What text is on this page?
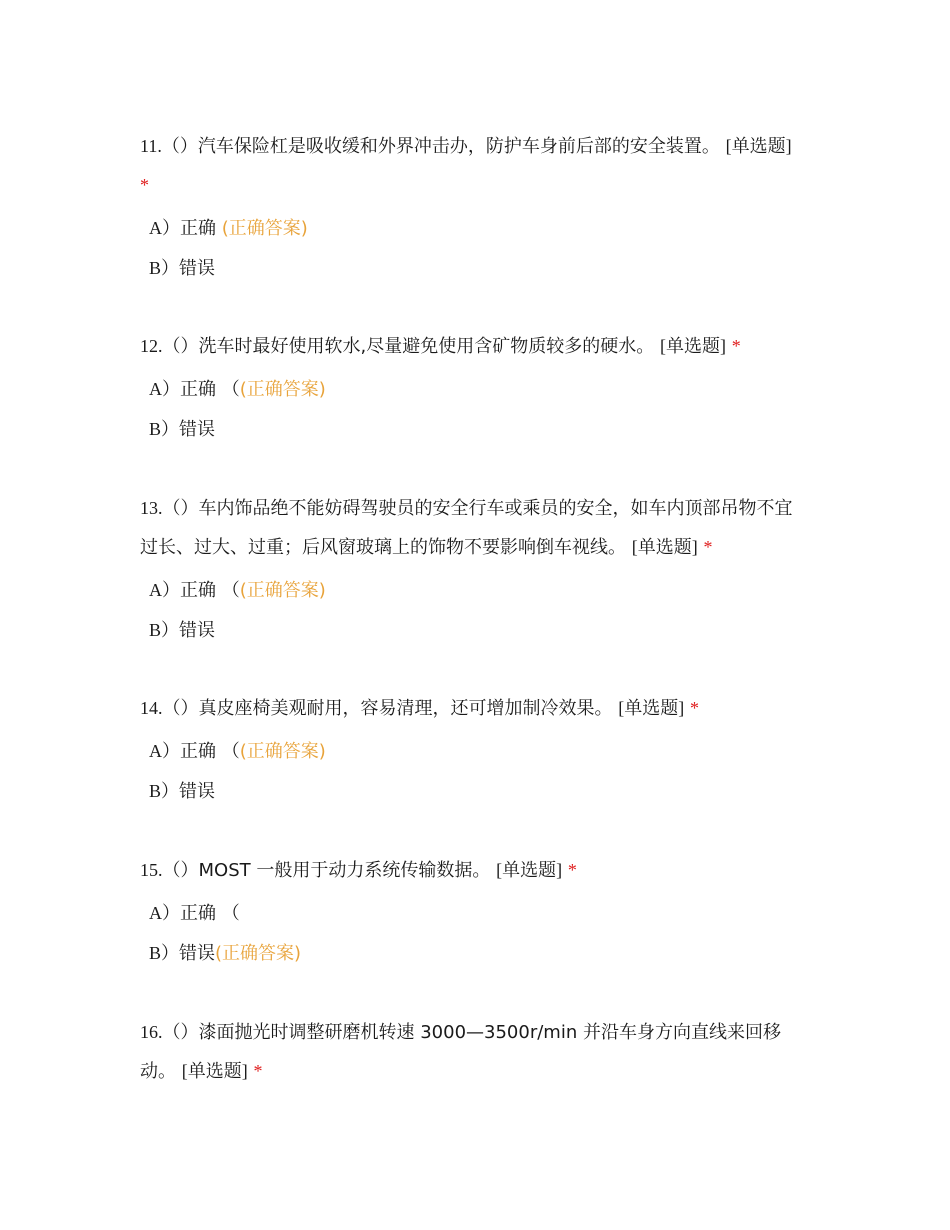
11.（）汽车保险杠是吸收缓和外界冲击办，防护车身前后部的安全装置。 [单选题] *

A）正确 (正确答案)
B）错误

12.（）洗车时最好使用软水,尽量避免使用含矿物质较多的硬水。 [单选题] *

A）正确 （(正确答案)
B）错误

13.（）车内饰品绝不能妨碍驾驶员的安全行车或乘员的安全，如车内顶部吊物不宜过长、过大、过重；后风窗玻璃上的饰物不要影响倒车视线。 [单选题] *

A）正确 （(正确答案)
B）错误

14.（）真皮座椅美观耐用，容易清理，还可增加制冷效果。 [单选题] *

A）正确 （(正确答案)
B）错误

15.（）MOST 一般用于动力系统传输数据。 [单选题] *

A）正确 （
B）错误(正确答案)

16.（）漆面抛光时调整研磨机转速 3000—3500r/min 并沿车身方向直线来回移动。 [单选题] *
